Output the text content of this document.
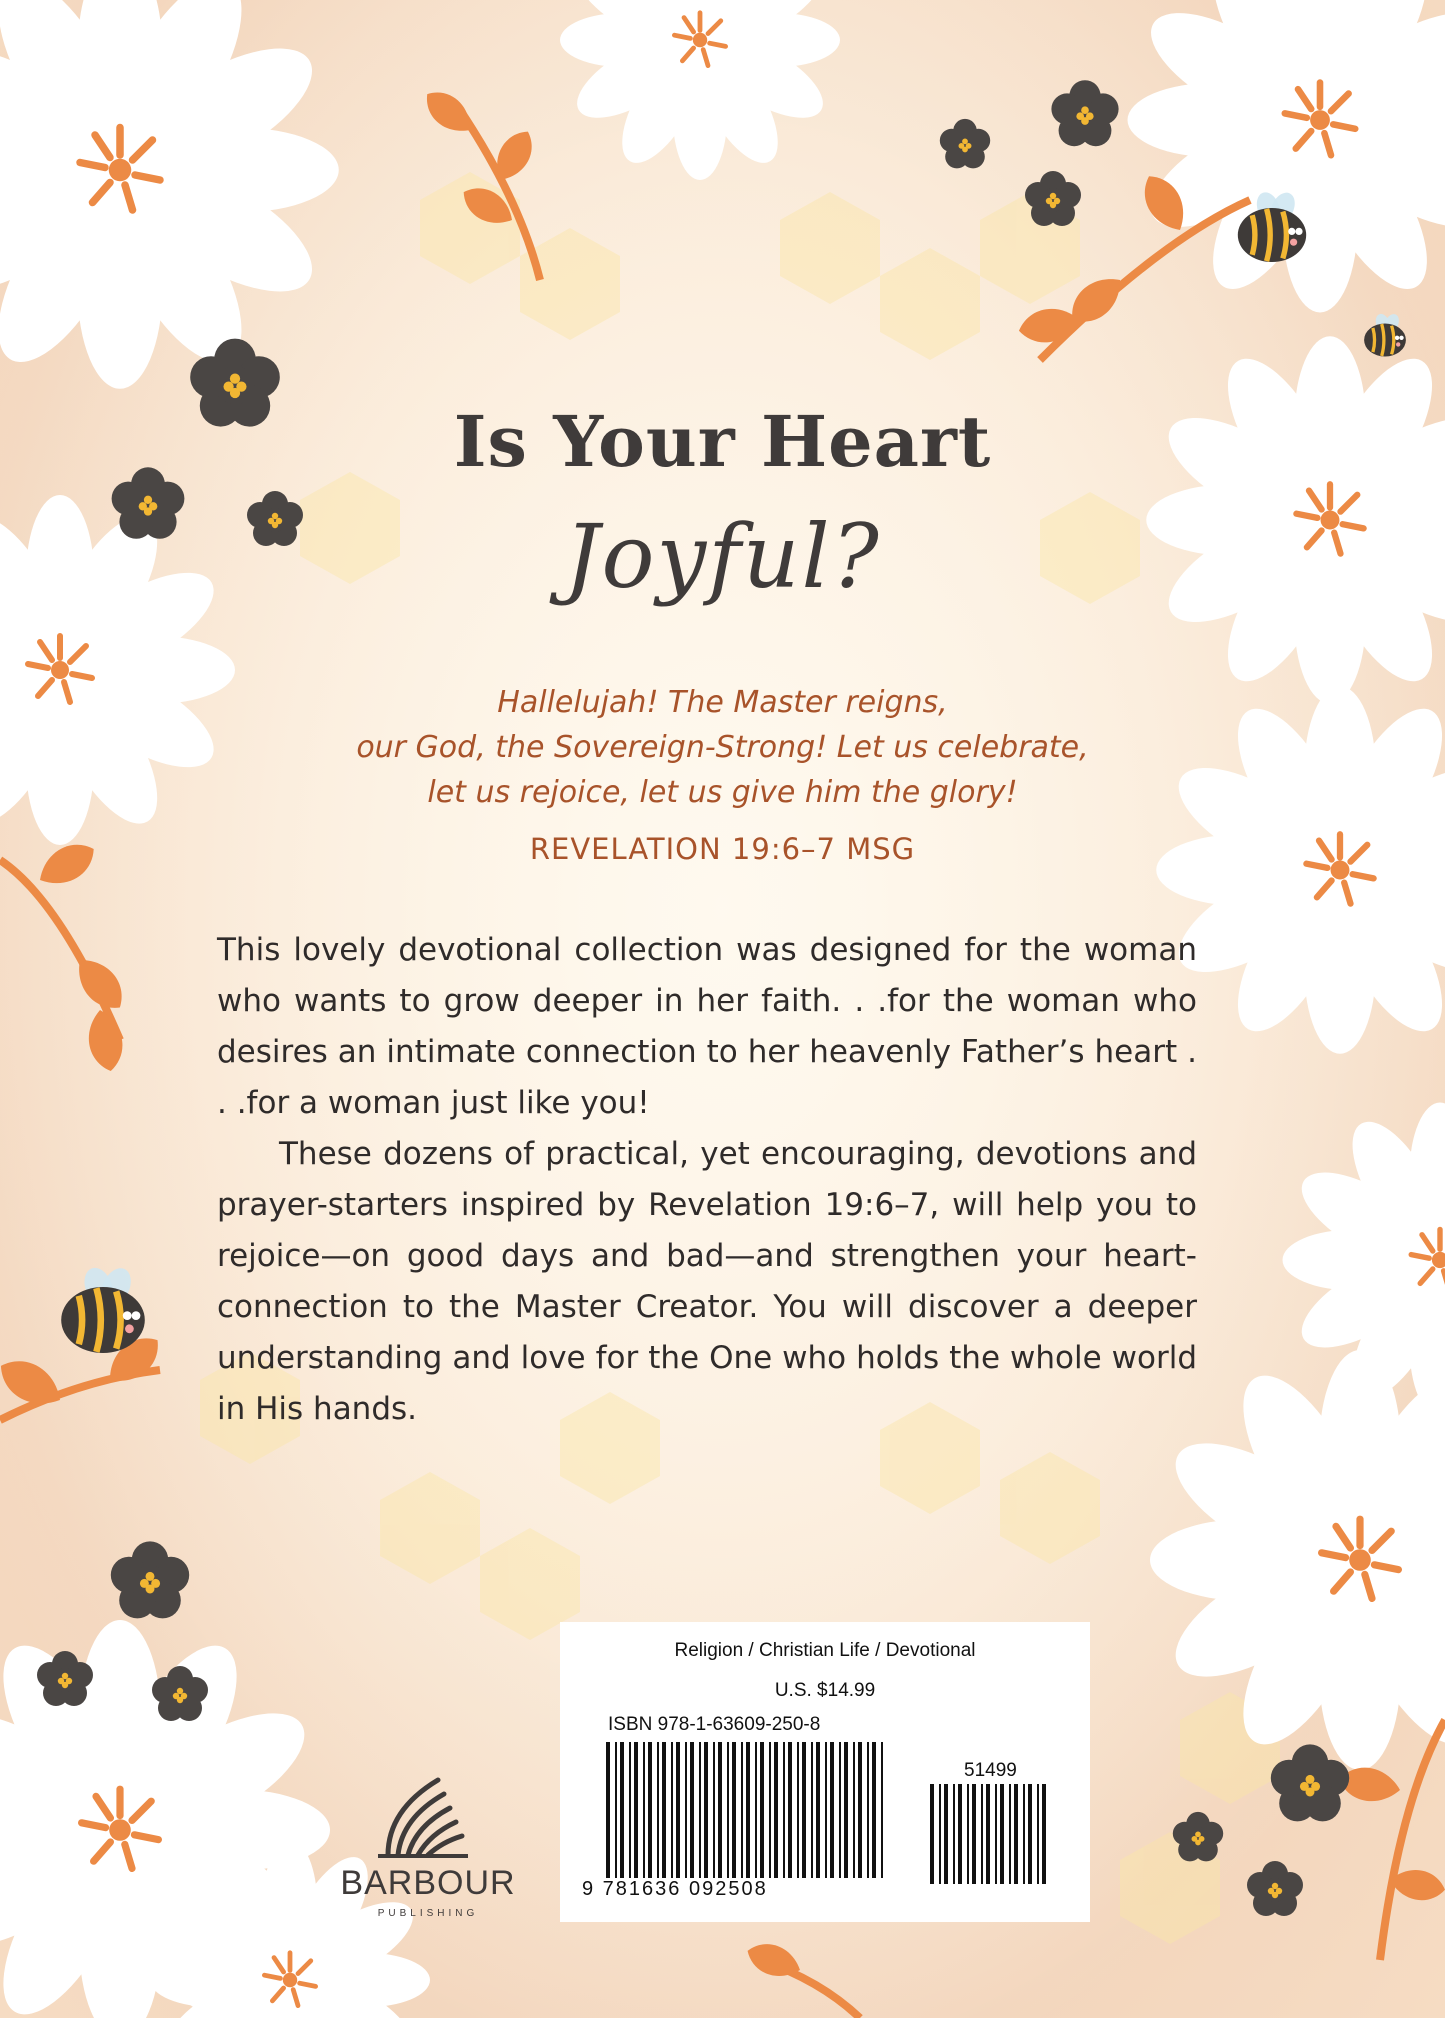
Is Your Heart
Joyful?
Hallelujah! The Master reigns,
our God, the Sovereign-Strong! Let us celebrate,
let us rejoice, let us give him the glory!
REVELATION 19:6–7 MSG

This lovely devotional collection was designed for the woman who wants to grow deeper in her faith. . .for the woman who desires an intimate connection to her heavenly Father’s heart . . .for a woman just like you!

These dozens of practical, yet encouraging, devotions and prayer-starters inspired by Revelation 19:6–7, will help you to rejoice—on good days and bad—and strengthen your heart-connection to the Master Creator. You will discover a deeper understanding and love for the One who holds the whole world in His hands.

BARBOUR
PUBLISHING
Religion / Christian Life / Devotional
U.S. $14.99
ISBN 978-1-63609-250-8
51499
9 781636 092508
